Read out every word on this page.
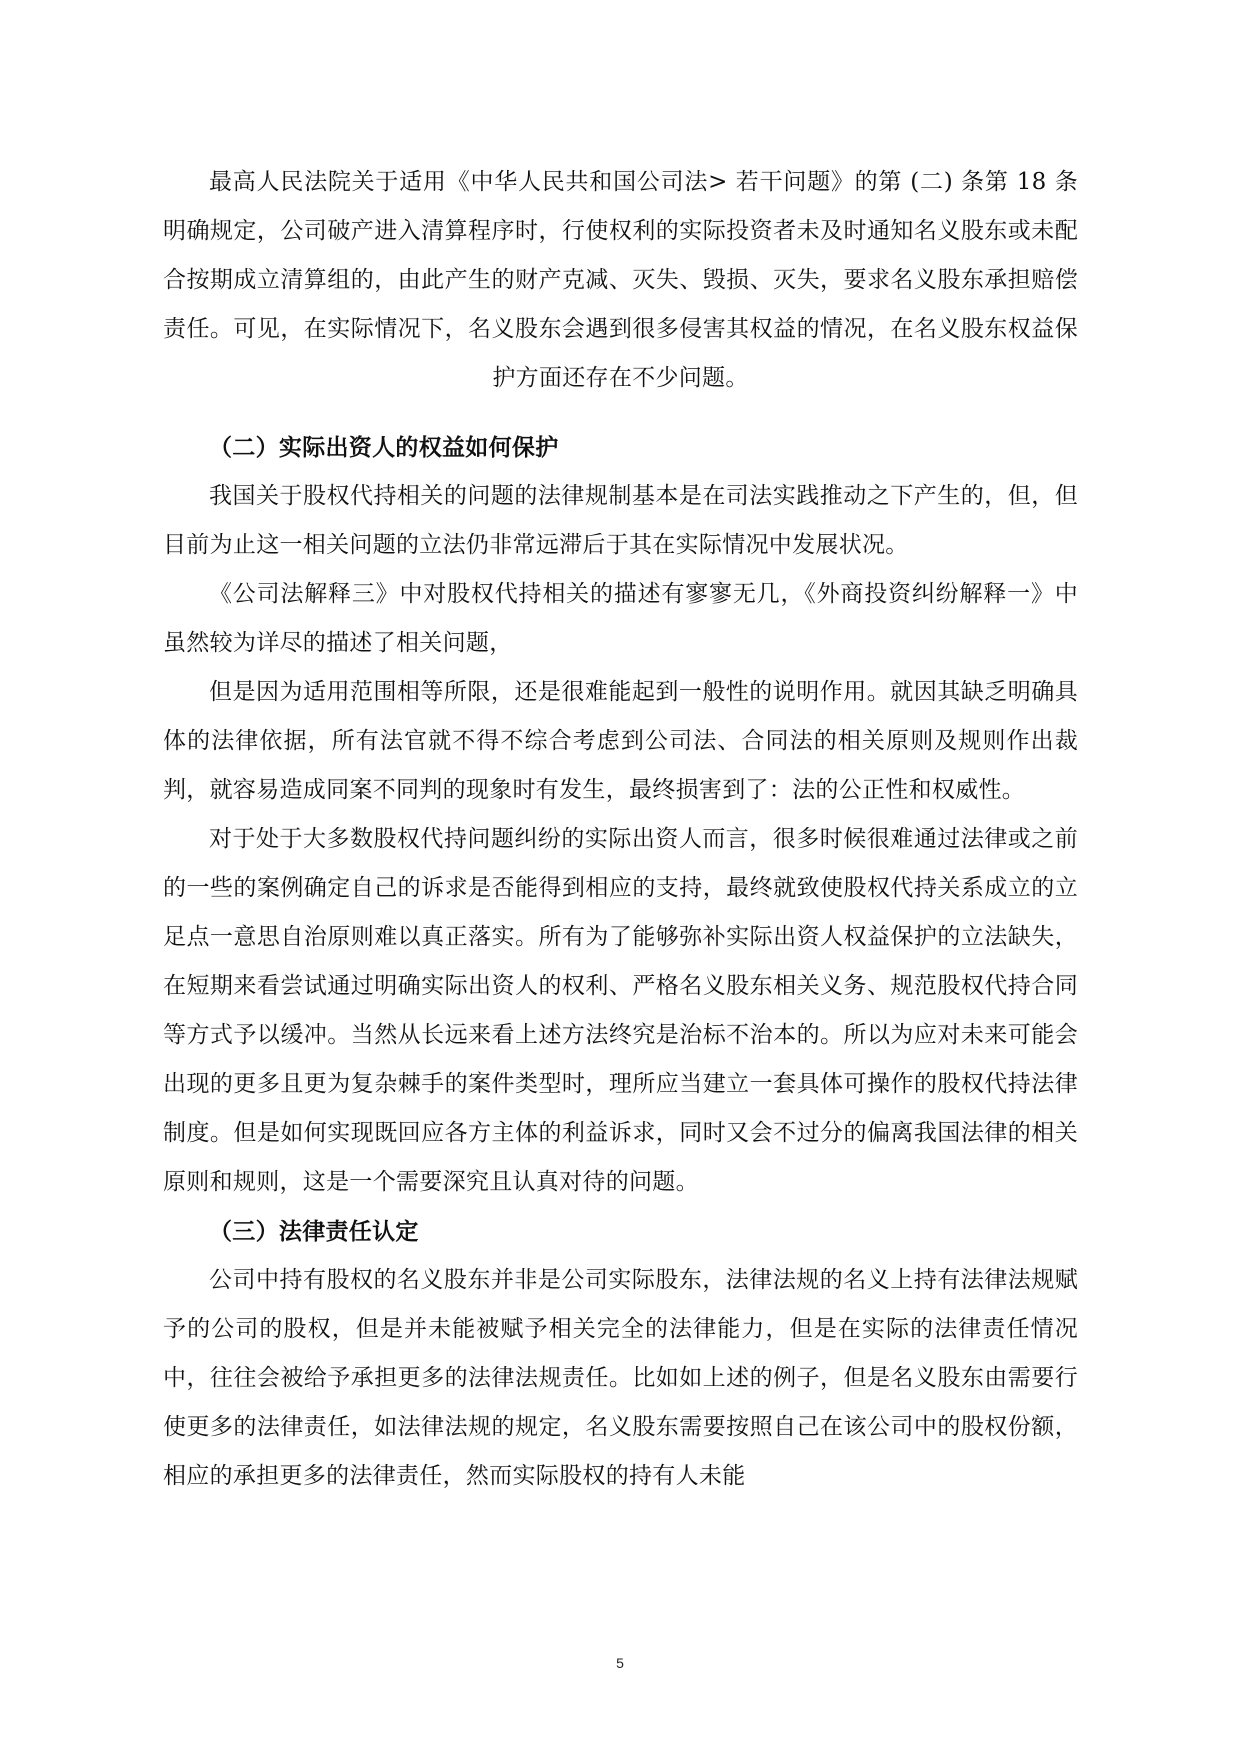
最高人民法院关于适用《中华人民共和国公司法> 若干问题》的第 (二) 条第 18 条明确规定，公司破产进入清算程序时，行使权利的实际投资者未及时通知名义股东或未配合按期成立清算组的，由此产生的财产克减、灭失、毁损、灭失，要求名义股东承担赔偿责任。可见，在实际情况下，名义股东会遇到很多侵害其权益的情况，在名义股东权益保护方面还存在不少问题。

（二）实际出资人的权益如何保护

我国关于股权代持相关的问题的法律规制基本是在司法实践推动之下产生的，但，但目前为止这一相关问题的立法仍非常远滞后于其在实际情况中发展状况。

《公司法解释三》中对股权代持相关的描述有寥寥无几，《外商投资纠纷解释一》中虽然较为详尽的描述了相关问题，

但是因为适用范围相等所限，还是很难能起到一般性的说明作用。就因其缺乏明确具体的法律依据，所有法官就不得不综合考虑到公司法、合同法的相关原则及规则作出裁判，就容易造成同案不同判的现象时有发生，最终损害到了：法的公正性和权威性。

对于处于大多数股权代持问题纠纷的实际出资人而言，很多时候很难通过法律或之前的一些的案例确定自己的诉求是否能得到相应的支持，最终就致使股权代持关系成立的立足点一意思自治原则难以真正落实。所有为了能够弥补实际出资人权益保护的立法缺失，在短期来看尝试通过明确实际出资人的权利、严格名义股东相关义务、规范股权代持合同等方式予以缓冲。当然从长远来看上述方法终究是治标不治本的。所以为应对未来可能会出现的更多且更为复杂棘手的案件类型时，理所应当建立一套具体可操作的股权代持法律制度。但是如何实现既回应各方主体的利益诉求，同时又会不过分的偏离我国法律的相关原则和规则，这是一个需要深究且认真对待的问题。

（三）法律责任认定

公司中持有股权的名义股东并非是公司实际股东，法律法规的名义上持有法律法规赋予的公司的股权，但是并未能被赋予相关完全的法律能力，但是在实际的法律责任情况中，往往会被给予承担更多的法律法规责任。比如如上述的例子，但是名义股东由需要行使更多的法律责任，如法律法规的规定，名义股东需要按照自己在该公司中的股权份额，相应的承担更多的法律责任，然而实际股权的持有人未能

5
